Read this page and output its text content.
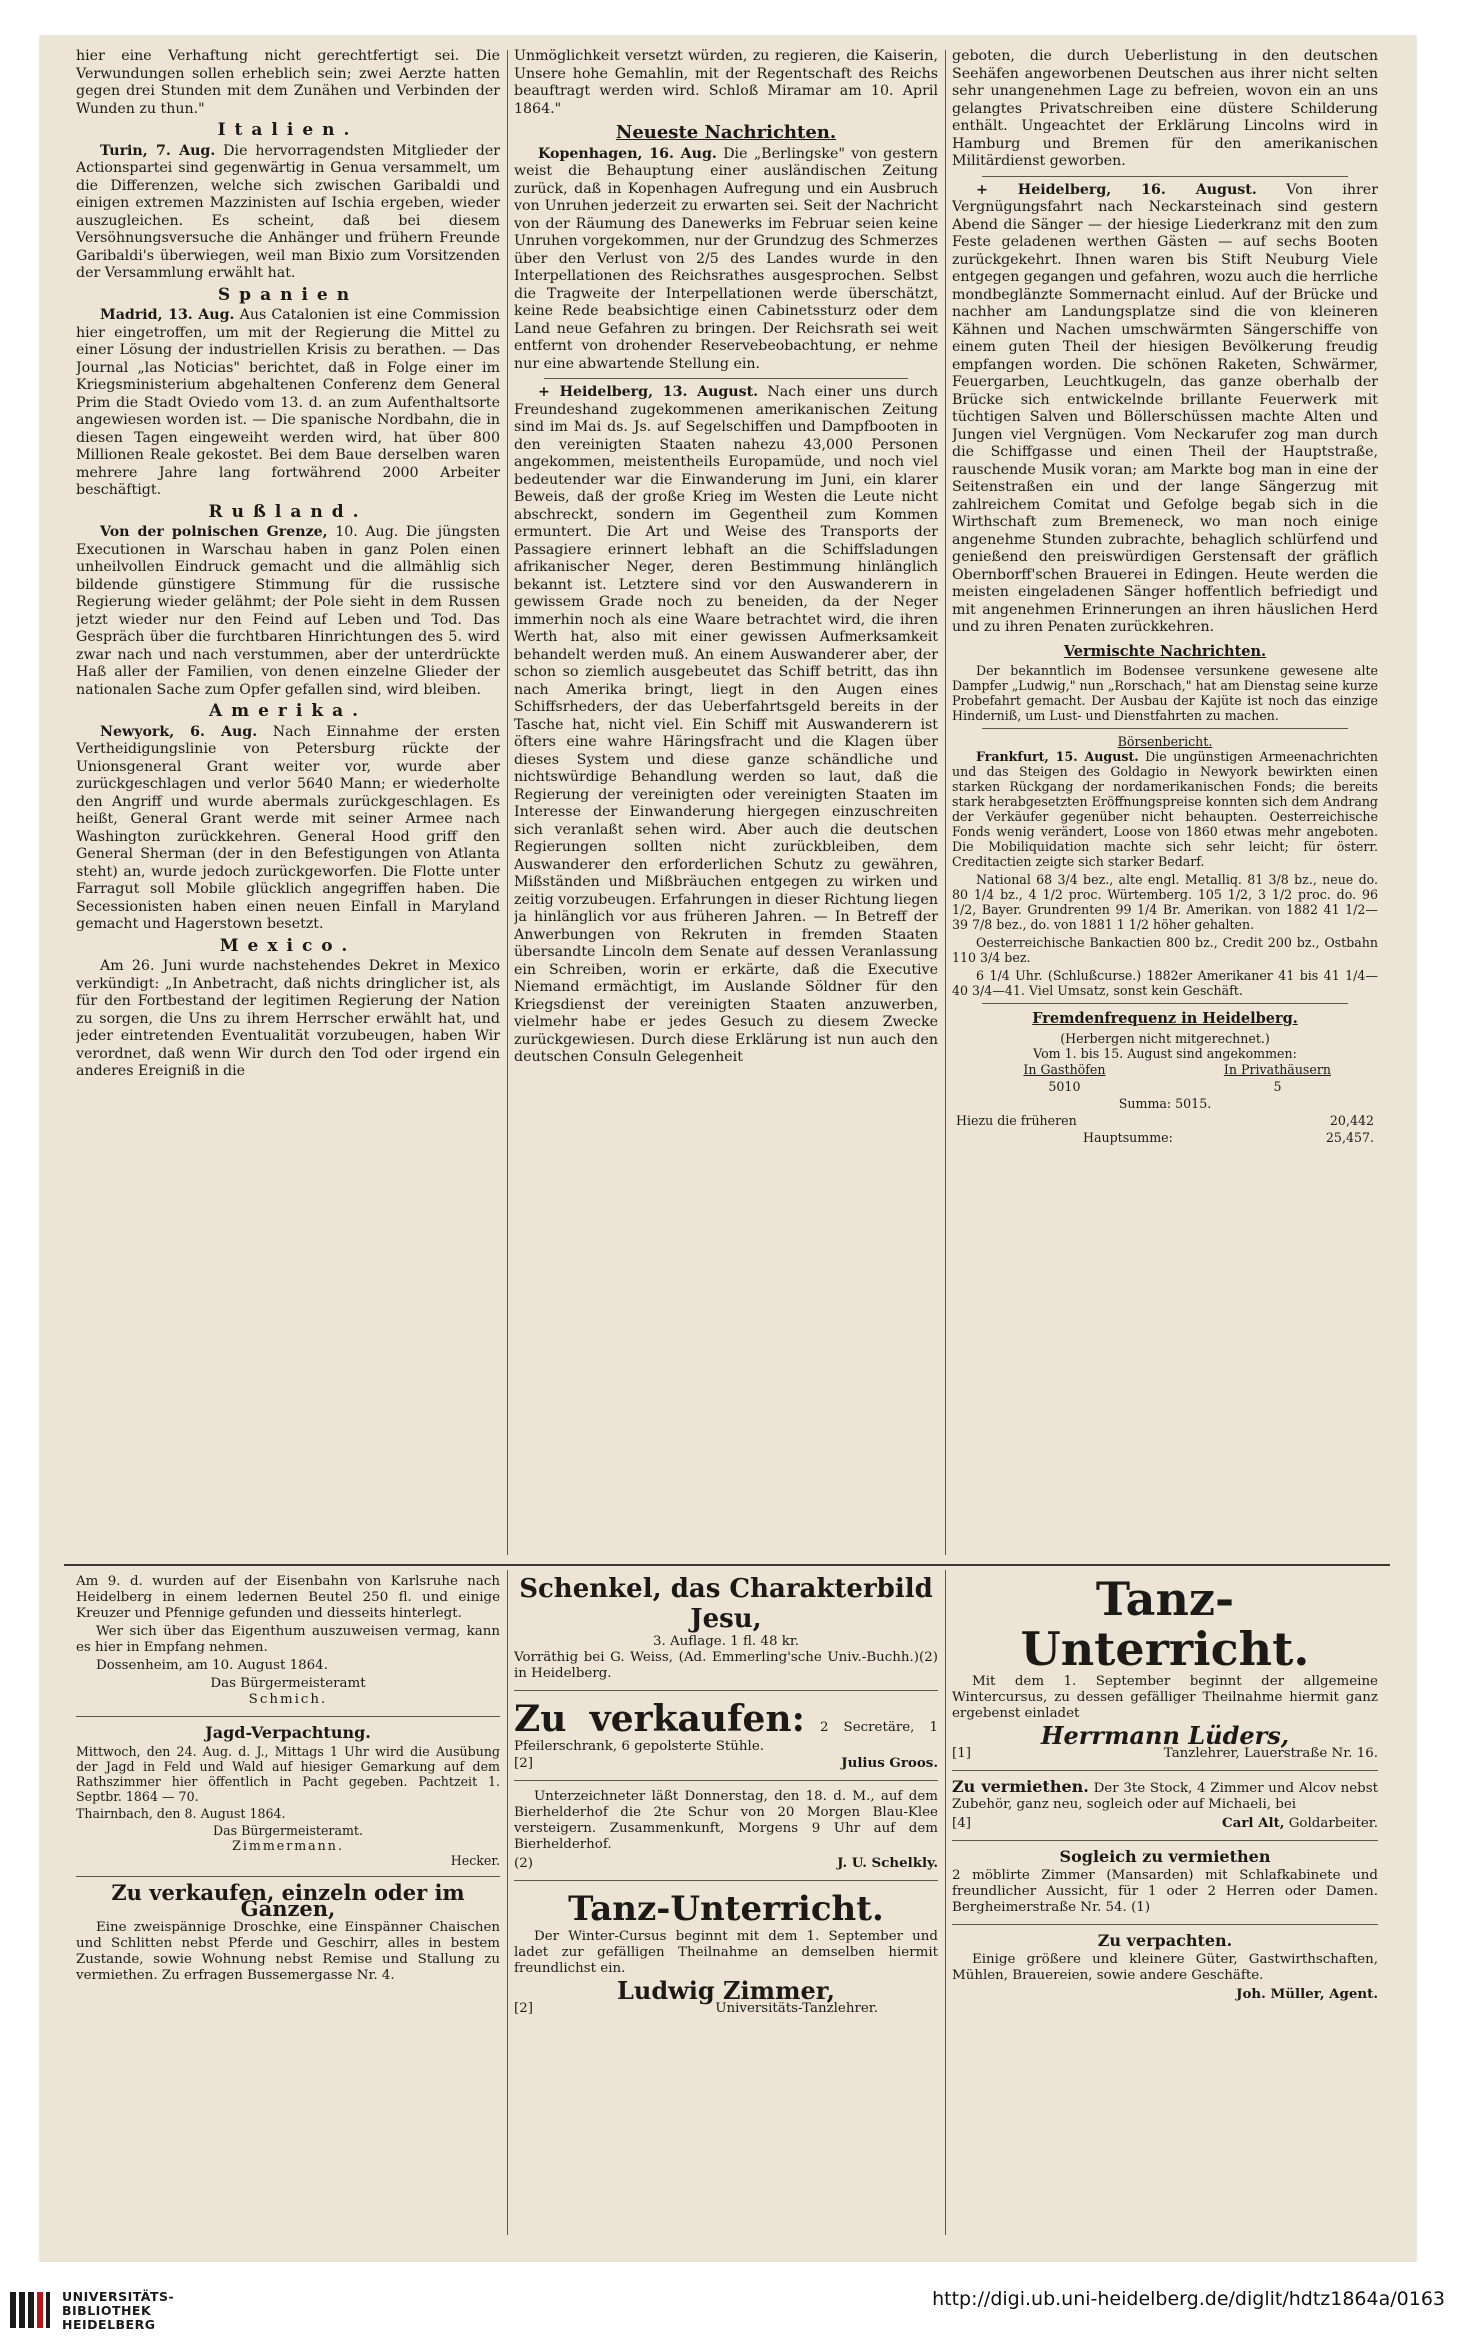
hier eine Verhaftung nicht gerechtfertigt sei. Die Verwundungen sollen erheblich sein; zwei Aerzte hatten gegen drei Stunden mit dem Zunähen und Verbinden der Wunden zu thun."

Italien.

Turin, 7. Aug. Die hervorragendsten Mitglieder der Actionspartei sind gegenwärtig in Genua versammelt, um die Differenzen, welche sich zwischen Garibaldi und einigen extremen Mazzinisten auf Ischia ergeben, wieder auszugleichen. Es scheint, daß bei diesem Versöhnungsversuche die Anhänger und frühern Freunde Garibaldi's überwiegen, weil man Bixio zum Vorsitzenden der Versammlung erwählt hat.

Spanien

Madrid, 13. Aug. Aus Catalonien ist eine Commission hier eingetroffen, um mit der Regierung die Mittel zu einer Lösung der industriellen Krisis zu berathen. — Das Journal „las Noticias" berichtet, daß in Folge einer im Kriegsministerium abgehaltenen Conferenz dem General Prim die Stadt Oviedo vom 13. d. an zum Aufenthaltsorte angewiesen worden ist. — Die spanische Nordbahn, die in diesen Tagen eingeweiht werden wird, hat über 800 Millionen Reale gekostet. Bei dem Baue derselben waren mehrere Jahre lang fortwährend 2000 Arbeiter beschäftigt.

Rußland.

Von der polnischen Grenze, 10. Aug. Die jüngsten Executionen in Warschau haben in ganz Polen einen unheilvollen Eindruck gemacht und die allmählig sich bildende günstigere Stimmung für die russische Regierung wieder gelähmt; der Pole sieht in dem Russen jetzt wieder nur den Feind auf Leben und Tod. Das Gespräch über die furchtbaren Hinrichtungen des 5. wird zwar nach und nach verstummen, aber der unterdrückte Haß aller der Familien, von denen einzelne Glieder der nationalen Sache zum Opfer gefallen sind, wird bleiben.

Amerika.

Newyork, 6. Aug. Nach Einnahme der ersten Vertheidigungslinie von Petersburg rückte der Unionsgeneral Grant weiter vor, wurde aber zurückgeschlagen und verlor 5640 Mann; er wiederholte den Angriff und wurde abermals zurückgeschlagen. Es heißt, General Grant werde mit seiner Armee nach Washington zurückkehren. General Hood griff den General Sherman (der in den Befestigungen von Atlanta steht) an, wurde jedoch zurückgeworfen. Die Flotte unter Farragut soll Mobile glücklich angegriffen haben. Die Secessionisten haben einen neuen Einfall in Maryland gemacht und Hagerstown besetzt.

Mexico.

Am 26. Juni wurde nachstehendes Dekret in Mexico verkündigt: „In Anbetracht, daß nichts dringlicher ist, als für den Fortbestand der legitimen Regierung der Nation zu sorgen, die Uns zu ihrem Herrscher erwählt hat, und jeder eintretenden Eventualität vorzubeugen, haben Wir verordnet, daß wenn Wir durch den Tod oder irgend ein anderes Ereigniß in die

Unmöglichkeit versetzt würden, zu regieren, die Kaiserin, Unsere hohe Gemahlin, mit der Regentschaft des Reichs beauftragt werden wird. Schloß Miramar am 10. April 1864."

Neueste Nachrichten.

Kopenhagen, 16. Aug. Die „Berlingske" von gestern weist die Behauptung einer ausländischen Zeitung zurück, daß in Kopenhagen Aufregung und ein Ausbruch von Unruhen jederzeit zu erwarten sei. Seit der Nachricht von der Räumung des Danewerks im Februar seien keine Unruhen vorgekommen, nur der Grundzug des Schmerzes über den Verlust von 2/5 des Landes wurde in den Interpellationen des Reichsrathes ausgesprochen. Selbst die Tragweite der Interpellationen werde überschätzt, keine Rede beabsichtige einen Cabinetssturz oder dem Land neue Gefahren zu bringen. Der Reichsrath sei weit entfernt von drohender Reservebeobachtung, er nehme nur eine abwartende Stellung ein.

+ Heidelberg, 13. August. Nach einer uns durch Freundeshand zugekommenen amerikanischen Zeitung sind im Mai ds. Js. auf Segelschiffen und Dampfbooten in den vereinigten Staaten nahezu 43,000 Personen angekommen, meistentheils Europamüde, und noch viel bedeutender war die Einwanderung im Juni, ein klarer Beweis, daß der große Krieg im Westen die Leute nicht abschreckt, sondern im Gegentheil zum Kommen ermuntert. Die Art und Weise des Transports der Passagiere erinnert lebhaft an die Schiffsladungen afrikanischer Neger, deren Bestimmung hinlänglich bekannt ist. Letztere sind vor den Auswanderern in gewissem Grade noch zu beneiden, da der Neger immerhin noch als eine Waare betrachtet wird, die ihren Werth hat, also mit einer gewissen Aufmerksamkeit behandelt werden muß. An einem Auswanderer aber, der schon so ziemlich ausgebeutet das Schiff betritt, das ihn nach Amerika bringt, liegt in den Augen eines Schiffsrheders, der das Ueberfahrtsgeld bereits in der Tasche hat, nicht viel. Ein Schiff mit Auswanderern ist öfters eine wahre Häringsfracht und die Klagen über dieses System und diese ganze schändliche und nichtswürdige Behandlung werden so laut, daß die Regierung der vereinigten oder vereinigten Staaten im Interesse der Einwanderung hiergegen einzuschreiten sich veranlaßt sehen wird. Aber auch die deutschen Regierungen sollten nicht zurückbleiben, dem Auswanderer den erforderlichen Schutz zu gewähren, Mißständen und Mißbräuchen entgegen zu wirken und zeitig vorzubeugen. Erfahrungen in dieser Richtung liegen ja hinlänglich vor aus früheren Jahren. — In Betreff der Anwerbungen von Rekruten in fremden Staaten übersandte Lincoln dem Senate auf dessen Veranlassung ein Schreiben, worin er erkärte, daß die Executive Niemand ermächtigt, im Auslande Söldner für den Kriegsdienst der vereinigten Staaten anzuwerben, vielmehr habe er jedes Gesuch zu diesem Zwecke zurückgewiesen. Durch diese Erklärung ist nun auch den deutschen Consuln Gelegenheit

geboten, die durch Ueberlistung in den deutschen Seehäfen angeworbenen Deutschen aus ihrer nicht selten sehr unangenehmen Lage zu befreien, wovon ein an uns gelangtes Privatschreiben eine düstere Schilderung enthält. Ungeachtet der Erklärung Lincolns wird in Hamburg und Bremen für den amerikanischen Militärdienst geworben.

+ Heidelberg, 16. August. Von ihrer Vergnügungsfahrt nach Neckarsteinach sind gestern Abend die Sänger — der hiesige Liederkranz mit den zum Feste geladenen werthen Gästen — auf sechs Booten zurückgekehrt. Ihnen waren bis Stift Neuburg Viele entgegen gegangen und gefahren, wozu auch die herrliche mondbeglänzte Sommernacht einlud. Auf der Brücke und nachher am Landungsplatze sind die von kleineren Kähnen und Nachen umschwärmten Sängerschiffe von einem guten Theil der hiesigen Bevölkerung freudig empfangen worden. Die schönen Raketen, Schwärmer, Feuergarben, Leuchtkugeln, das ganze oberhalb der Brücke sich entwickelnde brillante Feuerwerk mit tüchtigen Salven und Böllerschüssen machte Alten und Jungen viel Vergnügen. Vom Neckarufer zog man durch die Schiffgasse und einen Theil der Hauptstraße, rauschende Musik voran; am Markte bog man in eine der Seitenstraßen ein und der lange Sängerzug mit zahlreichem Comitat und Gefolge begab sich in die Wirthschaft zum Bremeneck, wo man noch einige angenehme Stunden zubrachte, behaglich schlürfend und genießend den preiswürdigen Gerstensaft der gräflich Obernborff'schen Brauerei in Edingen. Heute werden die meisten eingeladenen Sänger hoffentlich befriedigt und mit angenehmen Erinnerungen an ihren häuslichen Herd und zu ihren Penaten zurückkehren.

Vermischte Nachrichten.

Der bekanntlich im Bodensee versunkene gewesene alte Dampfer „Ludwig," nun „Rorschach," hat am Dienstag seine kurze Probefahrt gemacht. Der Ausbau der Kajüte ist noch das einzige Hinderniß, um Lust- und Dienstfahrten zu machen.

Börsenbericht.

Frankfurt, 15. August. Die ungünstigen Armeenachrichten und das Steigen des Goldagio in Newyork bewirkten einen starken Rückgang der nordamerikanischen Fonds; die bereits stark herabgesetzten Eröffnungspreise konnten sich dem Andrang der Verkäufer gegenüber nicht behaupten. Oesterreichische Fonds wenig verändert, Loose von 1860 etwas mehr angeboten. Die Mobiliquidation machte sich sehr leicht; für österr. Creditactien zeigte sich starker Bedarf.

National 68 3/4 bez., alte engl. Metalliq. 81 3/8 bz., neue do. 80 1/4 bz., 4 1/2 proc. Würtemberg. 105 1/2, 3 1/2 proc. do. 96 1/2, Bayer. Grundrenten 99 1/4 Br. Amerikan. von 1882 41 1/2—39 7/8 bez., do. von 1881 1 1/2 höher gehalten.

Oesterreichische Bankactien 800 bz., Credit 200 bz., Ostbahn 110 3/4 bez.

6 1/4 Uhr. (Schlußcurse.) 1882er Amerikaner 41 bis 41 1/4—40 3/4—41. Viel Umsatz, sonst kein Geschäft.

Fremdenfrequenz in Heidelberg.
(Herbergen nicht mitgerechnet.)
Vom 1. bis 15. August sind angekommen:
In Gasthöfen	In Privathäusern
5010	5
Summa: 5015.	
Hiezu die früheren	20,442
Hauptsumme:	25,457.

Am 9. d. wurden auf der Eisenbahn von Karlsruhe nach Heidelberg in einem ledernen Beutel 250 fl. und einige Kreuzer und Pfennige gefunden und diesseits hinterlegt.

Wer sich über das Eigenthum auszuweisen vermag, kann es hier in Empfang nehmen.

Dossenheim, am 10. August 1864.

Das Bürgermeisteramt
Schmich.
Jagd-Verpachtung.

Mittwoch, den 24. Aug. d. J., Mittags 1 Uhr wird die Ausübung der Jagd in Feld und Wald auf hiesiger Gemarkung auf dem Rathszimmer hier öffentlich in Pacht gegeben. Pachtzeit 1. Septbr. 1864 — 70.

Thairnbach, den 8. August 1864.

Das Bürgermeisteramt.
Zimmermann.
Hecker.
Zu verkaufen, einzeln oder im Ganzen,

Eine zweispännige Droschke, eine Einspänner Chaischen und Schlitten nebst Pferde und Geschirr, alles in bestem Zustande, sowie Wohnung nebst Remise und Stallung zu vermiethen. Zu erfragen Bussemergasse Nr. 4.

Schenkel, das Charakterbild Jesu,
3. Auflage. 1 fl. 48 kr.
Vorräthig bei G. Weiss, (Ad. Emmerling'sche Univ.-Buchh.) in Heidelberg.
(2)
Zu verkaufen: 2 Secretäre, 1 Pfeilerschrank, 6 gepolsterte Stühle.
[2]	Julius Groos.

Unterzeichneter läßt Donnerstag, den 18. d. M., auf dem Bierhelderhof die 2te Schur von 20 Morgen Blau-Klee versteigern. Zusammenkunft, Morgens 9 Uhr auf dem Bierhelderhof.

(2)	J. U. Schelkly.
Tanz-Unterricht.

Der Winter-Cursus beginnt mit dem 1. September und ladet zur gefälligen Theilnahme an demselben hiermit freundlichst ein.

Ludwig Zimmer,
[2]	Universitäts-Tanzlehrer.
Tanz-Unterricht.

Mit dem 1. September beginnt der allgemeine Wintercursus, zu dessen gefälliger Theilnahme hiermit ganz ergebenst einladet

Herrmann Lüders,
[1]	Tanzlehrer, Lauerstraße Nr. 16.

Zu vermiethen. Der 3te Stock, 4 Zimmer und Alcov nebst Zubehör, ganz neu, sogleich oder auf Michaeli, bei

[4]	Carl Alt, Goldarbeiter.
Sogleich zu vermiethen

2 möblirte Zimmer (Mansarden) mit Schlafkabinete und freundlicher Aussicht, für 1 oder 2 Herren oder Damen. Bergheimerstraße Nr. 54. (1)

Zu verpachten.

Einige größere und kleinere Güter, Gastwirthschaften, Mühlen, Brauereien, sowie andere Geschäfte.

Joh. Müller, Agent.
UNIVERSITÄTS-
BIBLIOTHEK
HEIDELBERG
http://digi.ub.uni-heidelberg.de/diglit/hdtz1864a/0163
